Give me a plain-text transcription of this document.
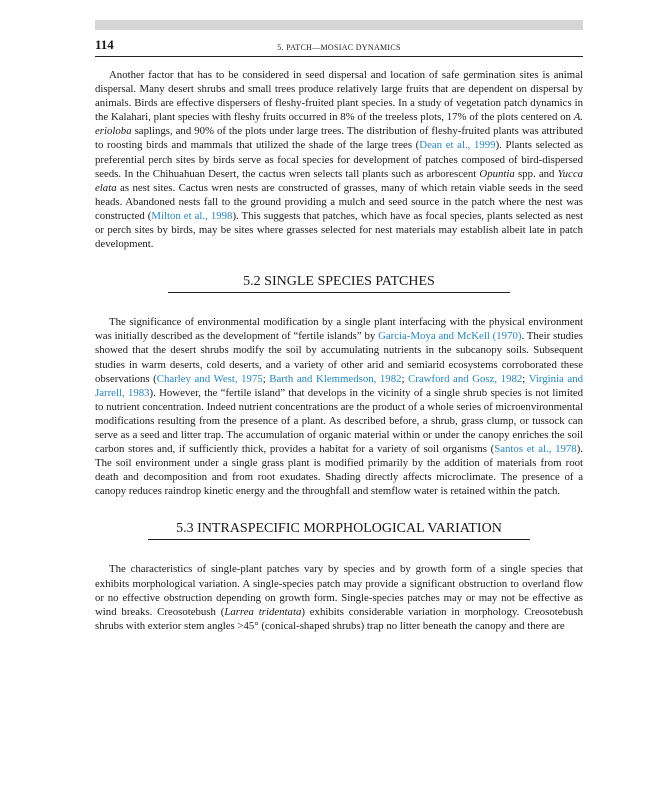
114	5. PATCH—MOSIAC DYNAMICS

Another factor that has to be considered in seed dispersal and location of safe germination sites is animal dispersal. Many desert shrubs and small trees produce relatively large fruits that are dependent on dispersal by animals. Birds are effective dispersers of fleshy-fruited plant species. In a study of vegetation patch dynamics in the Kalahari, plant species with fleshy fruits occurred in 8% of the treeless plots, 17% of the plots centered on A. erioloba saplings, and 90% of the plots under large trees. The distribution of fleshy-fruited plants was attributed to roosting birds and mammals that utilized the shade of the large trees (Dean et al., 1999). Plants selected as preferential perch sites by birds serve as focal species for development of patches composed of bird-dispersed seeds. In the Chihuahuan Desert, the cactus wren selects tall plants such as arborescent Opuntia spp. and Yucca elata as nest sites. Cactus wren nests are constructed of grasses, many of which retain viable seeds in the seed heads. Abandoned nests fall to the ground providing a mulch and seed source in the patch where the nest was constructed (Milton et al., 1998). This suggests that patches, which have as focal species, plants selected as nest or perch sites by birds, may be sites where grasses selected for nest materials may establish albeit late in patch development.

5.2 SINGLE SPECIES PATCHES

The significance of environmental modification by a single plant interfacing with the physical environment was initially described as the development of “fertile islands” by Garcia-Moya and McKell (1970). Their studies showed that the desert shrubs modify the soil by accumulating nutrients in the subcanopy soils. Subsequent studies in warm deserts, cold deserts, and a variety of other arid and semiarid ecosystems corroborated these observations (Charley and West, 1975; Barth and Klemmedson, 1982; Crawford and Gosz, 1982; Virginia and Jarrell, 1983). However, the “fertile island” that develops in the vicinity of a single shrub species is not limited to nutrient concentration. Indeed nutrient concentrations are the product of a whole series of microenvironmental modifications resulting from the presence of a plant. As described before, a shrub, grass clump, or tussock can serve as a seed and litter trap. The accumulation of organic material within or under the canopy enriches the soil carbon stores and, if sufficiently thick, provides a habitat for a variety of soil organisms (Santos et al., 1978). The soil environment under a single grass plant is modified primarily by the addition of materials from root death and decomposition and from root exudates. Shading directly affects microclimate. The presence of a canopy reduces raindrop kinetic energy and the throughfall and stemflow water is retained within the patch.

5.3 INTRASPECIFIC MORPHOLOGICAL VARIATION

The characteristics of single-plant patches vary by species and by growth form of a single species that exhibits morphological variation. A single-species patch may provide a significant obstruction to overland flow or no effective obstruction depending on growth form. Single-species patches may or may not be effective as wind breaks. Creosotebush (Larrea tridentata) exhibits considerable variation in morphology. Creosotebush shrubs with exterior stem angles >45° (conical-shaped shrubs) trap no litter beneath the canopy and there are
